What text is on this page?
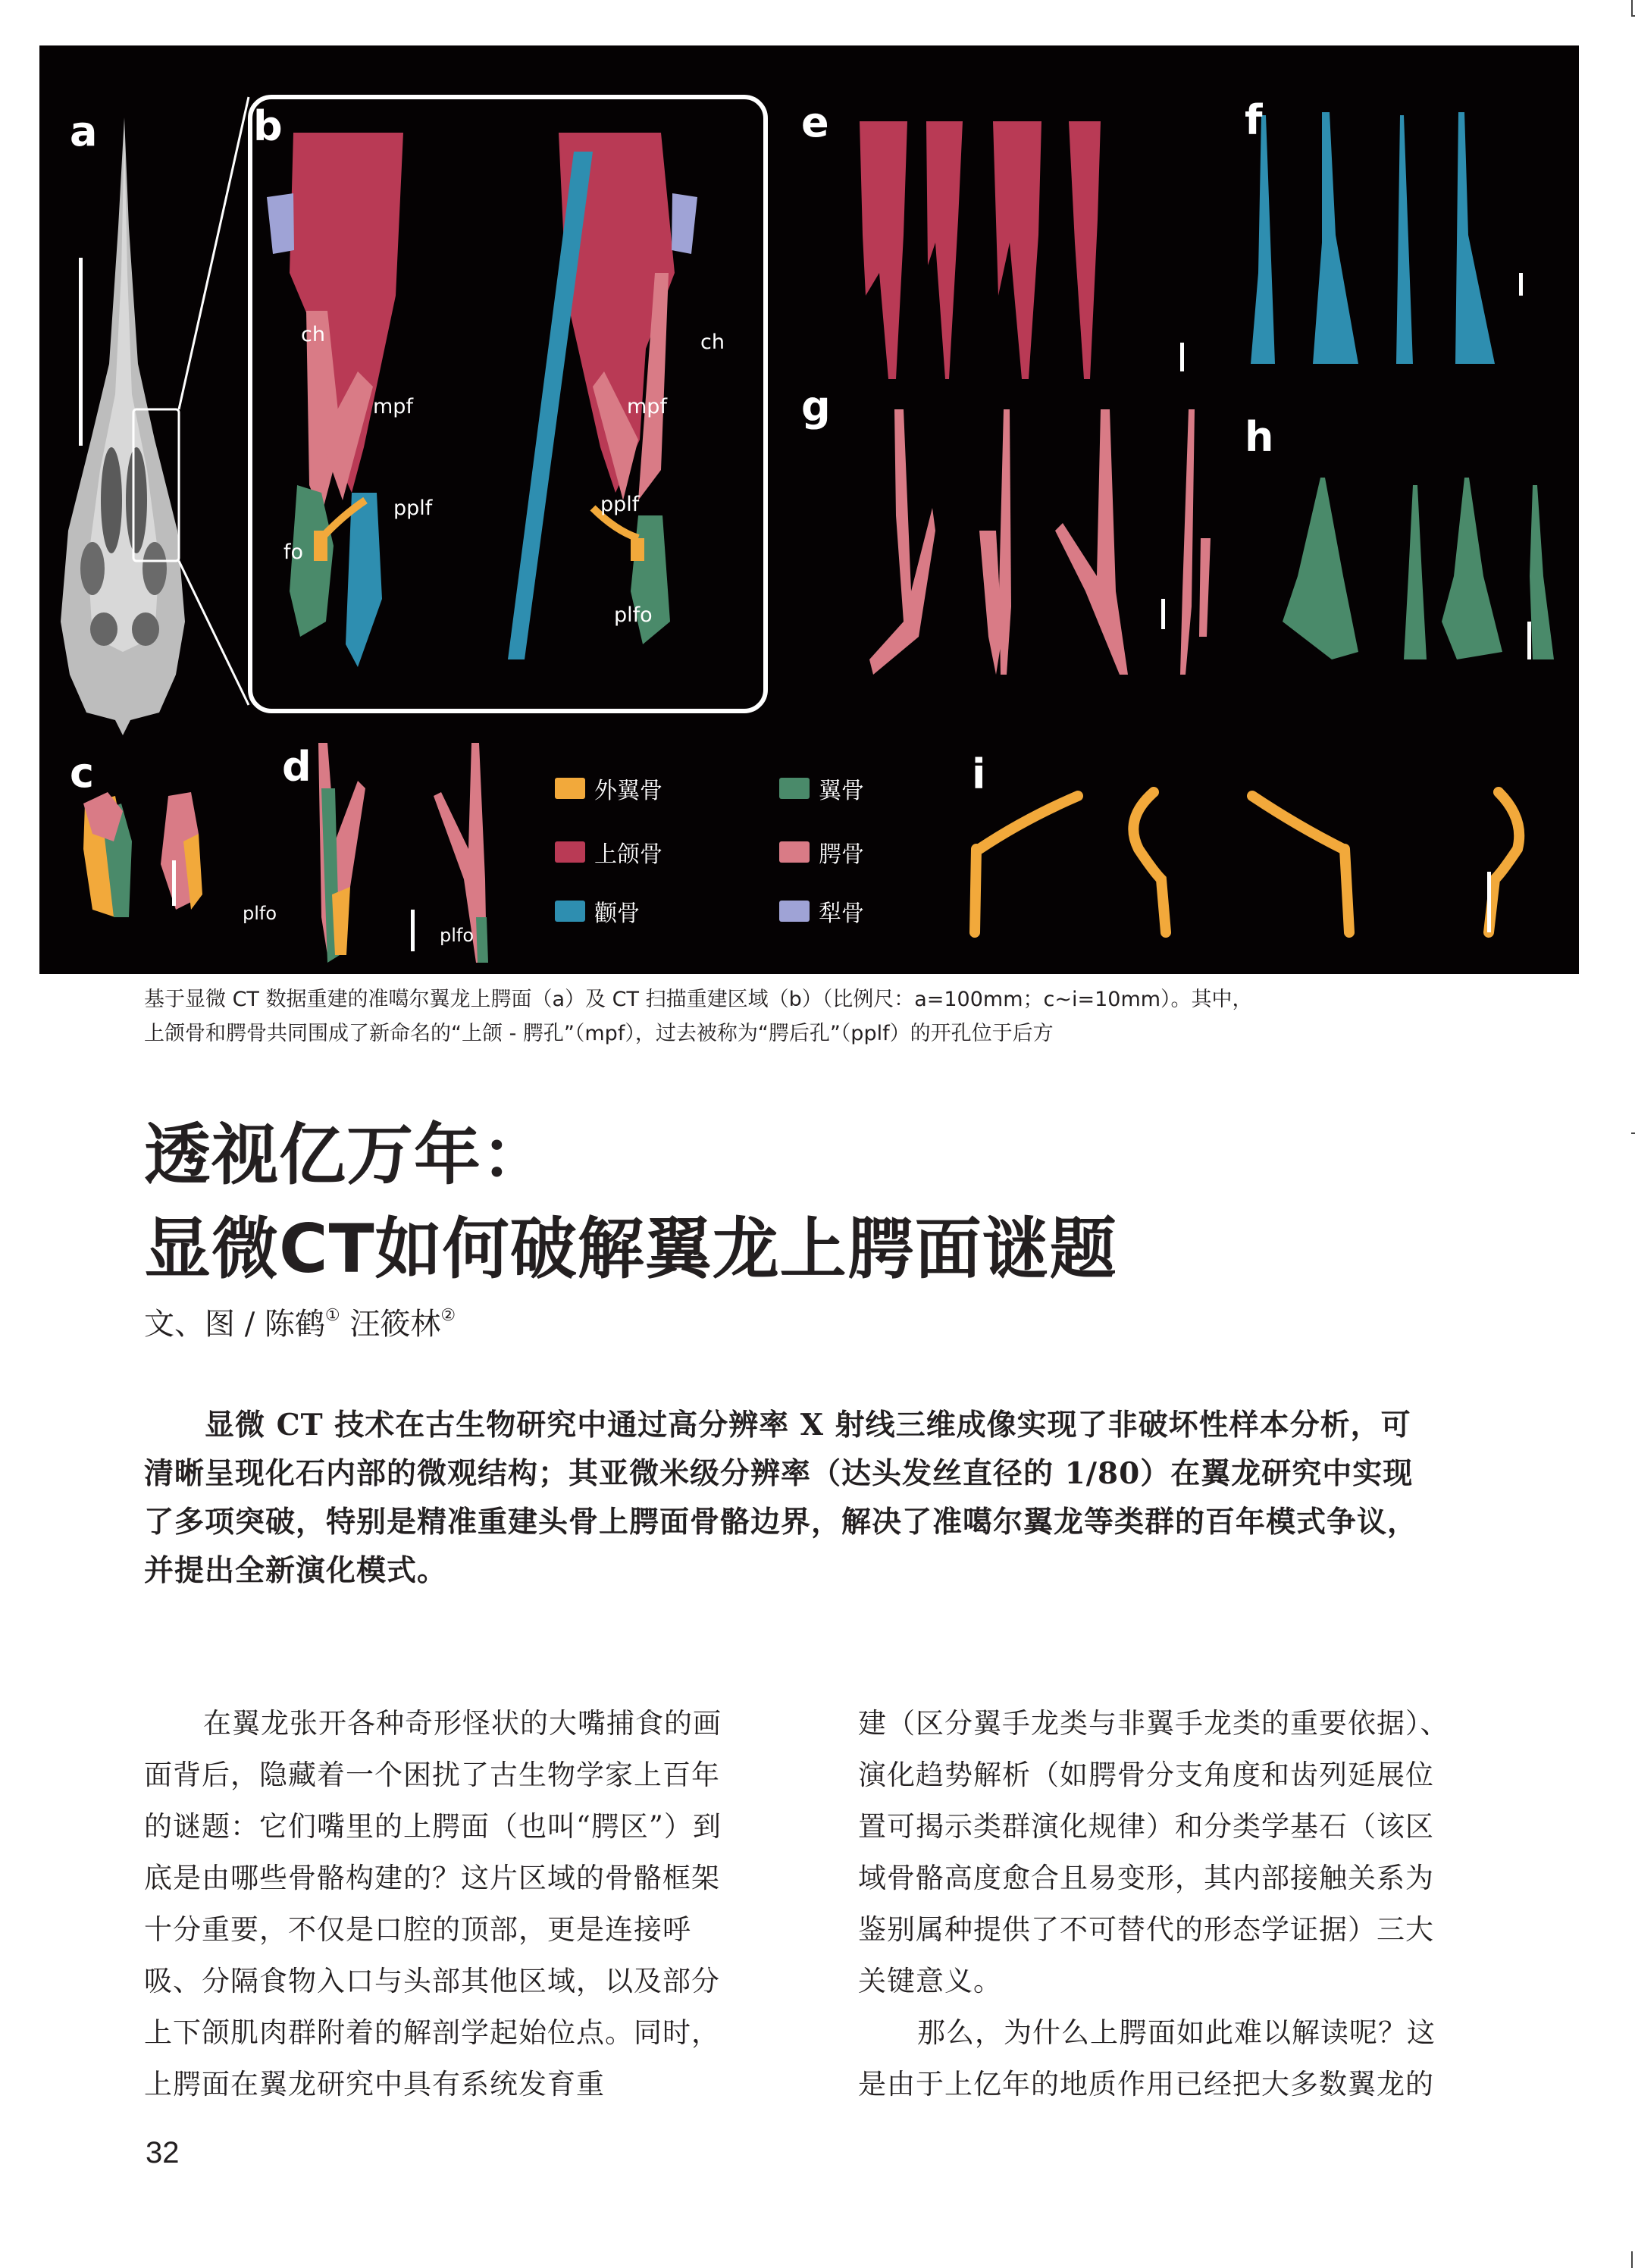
a	b
c	d
e	f
g
h
i
ch
mpf
pplf
fo
ch
mpf
pplf
plfo
plfo
plfo
外翼骨
上颌骨
颧骨
翼骨
腭骨
犁骨
基于显微 CT 数据重建的准噶尔翼龙上腭面（a）及 CT 扫描重建区域（b）（比例尺：a=100mm；c~i=10mm）。其中，
上颌骨和腭骨共同围成了新命名的“上颌 - 腭孔”（mpf），过去被称为“腭后孔”（pplf）的开孔位于后方
透视亿万年：
显微CT如何破解翼龙上腭面谜题
文、图 / 陈鹤① 汪筱林②
显微 CT 技术在古生物研究中通过高分辨率 X 射线三维成像实现了非破坏性样本分析，可清晰呈现化石内部的微观结构；其亚微米级分辨率（达头发丝直径的 1/80）在翼龙研究中实现了多项突破，特别是精准重建头骨上腭面骨骼边界，解决了准噶尔翼龙等类群的百年模式争议，并提出全新演化模式。

在翼龙张开各种奇形怪状的大嘴捕食的画面背后，隐藏着一个困扰了古生物学家上百年的谜题：它们嘴里的上腭面（也叫“腭区”）到底是由哪些骨骼构建的？这片区域的骨骼框架十分重要，不仅是口腔的顶部，更是连接呼吸、分隔食物入口与头部其他区域，以及部分上下颌肌肉群附着的解剖学起始位点。同时，上腭面在翼龙研究中具有系统发育重

建（区分翼手龙类与非翼手龙类的重要依据）、演化趋势解析（如腭骨分支角度和齿列延展位置可揭示类群演化规律）和分类学基石（该区域骨骼高度愈合且易变形，其内部接触关系为鉴别属种提供了不可替代的形态学证据）三大关键意义。

那么，为什么上腭面如此难以解读呢？这是由于上亿年的地质作用已经把大多数翼龙的

32
